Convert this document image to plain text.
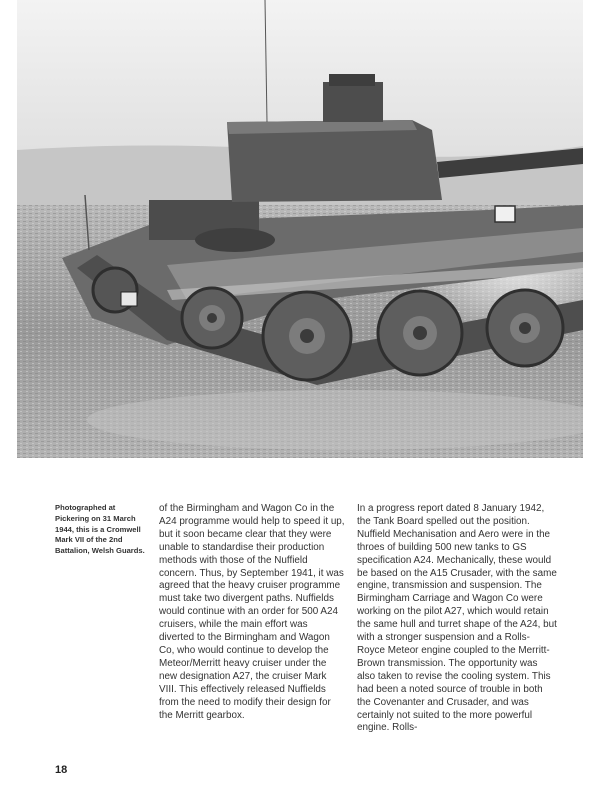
Photographed at Pickering on 31 March 1944, this is a Cromwell Mark VII of the 2nd Battalion, Welsh Guards.

of the Birmingham and Wagon Co in the A24 programme would help to speed it up, but it soon became clear that they were unable to standardise their production methods with those of the Nuffield concern. Thus, by September 1941, it was agreed that the heavy cruiser programme must take two divergent paths. Nuffields would continue with an order for 500 A24 cruisers, while the main effort was diverted to the Birmingham and Wagon Co, who would continue to develop the Meteor/Merritt heavy cruiser under the new designation A27, the cruiser Mark VIII. This effectively released Nuffields from the need to modify their design for the Merritt gearbox.

In a progress report dated 8 January 1942, the Tank Board spelled out the position. Nuffield Mechanisation and Aero were in the throes of building 500 new tanks to GS specification A24. Mechanically, these would be based on the A15 Crusader, with the same engine, transmission and suspension. The Birmingham Carriage and Wagon Co were working on the pilot A27, which would retain the same hull and turret shape of the A24, but with a stronger suspension and a Rolls-Royce Meteor engine coupled to the Merritt-Brown transmission. The opportunity was also taken to revise the cooling system. This had been a noted source of trouble in both the Covenanter and Crusader, and was certainly not suited to the more powerful engine. Rolls-

18
